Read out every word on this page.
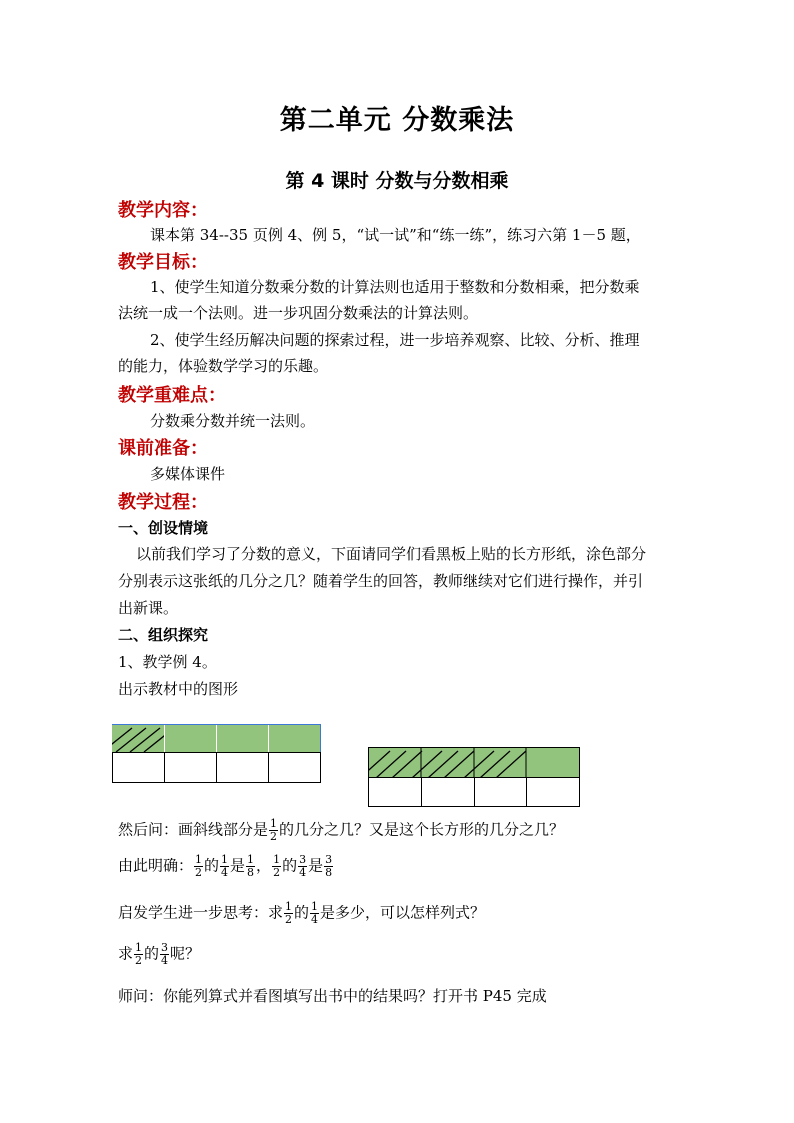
第二单元 分数乘法
第 4 课时 分数与分数相乘
教学内容：
课本第 34--35 页例 4、例 5，“试一试”和“练一练”，练习六第 1－5 题，
教学目标：
1、使学生知道分数乘分数的计算法则也适用于整数和分数相乘，把分数乘
法统一成一个法则。进一步巩固分数乘法的计算法则。
2、使学生经历解决问题的探索过程，进一步培养观察、比较、分析、推理
的能力，体验数学学习的乐趣。
教学重难点：
分数乘分数并统一法则。
课前准备：
多媒体课件
教学过程：
一、创设情境
以前我们学习了分数的意义，下面请同学们看黑板上贴的长方形纸，涂色部分
分别表示这张纸的几分之几？随着学生的回答，教师继续对它们进行操作，并引
出新课。
二、组织探究
1、教学例 4。
出示教材中的图形
然后问：画斜线部分是 $\frac{1}{2}$ 的几分之几？又是这个长方形的几分之几？
由此明确： $\frac{1}{2}$ 的 $\frac{1}{4}$ 是 $\frac{1}{8}$ ， $\frac{1}{2}$ 的 $\frac{3}{4}$ 是 $\frac{3}{8}$
启发学生进一步思考：求 $\frac{1}{2}$ 的 $\frac{1}{4}$ 是多少，可以怎样列式？
求 $\frac{1}{2}$ 的 $\frac{3}{4}$ 呢？
师问：你能列算式并看图填写出书中的结果吗？打开书 P45 完成
